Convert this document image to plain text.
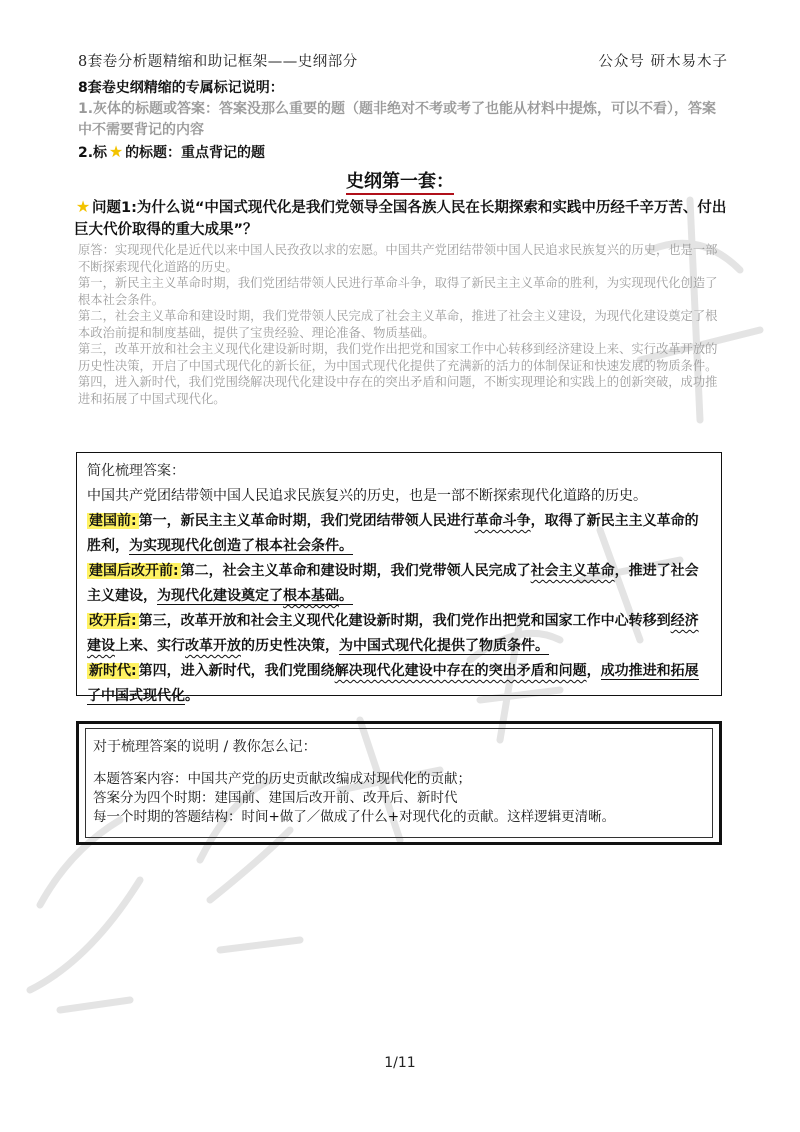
8套卷分析题精缩和助记框架——史纲部分	公众号 研木易木子
8套卷史纲精缩的专属标记说明：
1.灰体的标题或答案：答案没那么重要的题（题非绝对不考或考了也能从材料中提炼，可以不看），答案中不需要背记的内容
2.标 ★ 的标题：重点背记的题
史纲第一套：
★ 问题1:为什么说“中国式现代化是我们党领导全国各族人民在长期探索和实践中历经千辛万苦、付出巨大代价取得的重大成果”？

原答：实现现代化是近代以来中国人民孜孜以求的宏愿。中国共产党团结带领中国人民追求民族复兴的历史，也是一部不断探索现代化道路的历史。

第一，新民主主义革命时期，我们党团结带领人民进行革命斗争，取得了新民主主义革命的胜利，为实现现代化创造了根本社会条件。

第二，社会主义革命和建设时期，我们党带领人民完成了社会主义革命，推进了社会主义建设，为现代化建设奠定了根本政治前提和制度基础，提供了宝贵经验、理论准备、物质基础。

第三，改革开放和社会主义现代化建设新时期，我们党作出把党和国家工作中心转移到经济建设上来、实行改革开放的历史性决策，开启了中国式现代化的新长征，为中国式现代化提供了充满新的活力的体制保证和快速发展的物质条件。

第四，进入新时代，我们党围绕解决现代化建设中存在的突出矛盾和问题，不断实现理论和实践上的创新突破，成功推进和拓展了中国式现代化。

简化梳理答案：

中国共产党团结带领中国人民追求民族复兴的历史，也是一部不断探索现代化道路的历史。

建国前: 第一，新民主主义革命时期，我们党团结带领人民进行革命斗争，取得了新民主主义革命的胜利，为实现现代化创造了根本社会条件。

建国后改开前: 第二，社会主义革命和建设时期，我们党带领人民完成了社会主义革命，推进了社会主义建设，为现代化建设奠定了根本基础。

改开后: 第三，改革开放和社会主义现代化建设新时期，我们党作出把党和国家工作中心转移到经济建设上来、实行改革开放的历史性决策，为中国式现代化提供了物质条件。

新时代: 第四，进入新时代，我们党围绕解决现代化建设中存在的突出矛盾和问题，成功推进和拓展了中国式现代化。

对于梳理答案的说明 / 教你怎么记：
本题答案内容：中国共产党的历史贡献改编成对现代化的贡献；
答案分为四个时期：建国前、建国后改开前、改开后、新时代
每一个时期的答题结构：时间+做了／做成了什么+对现代化的贡献。这样逻辑更清晰。
1/11
